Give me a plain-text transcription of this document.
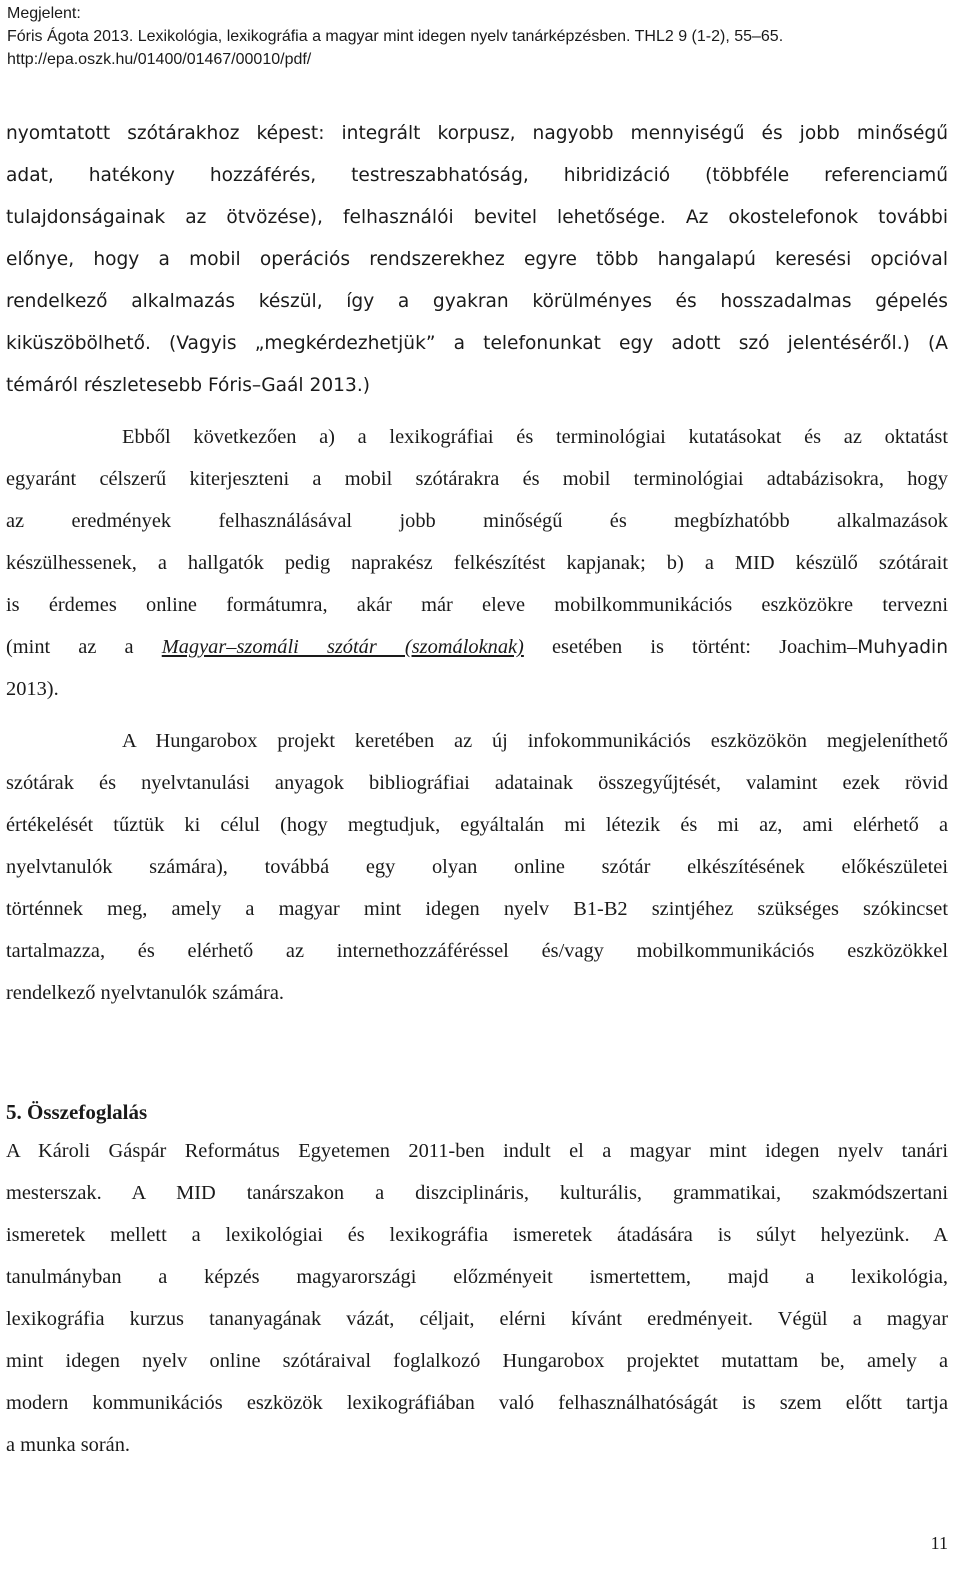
Megjelent:
Fóris Ágota 2013. Lexikológia, lexikográfia a magyar mint idegen nyelv tanárképzésben. THL2 9 (1-2), 55–65.
http://epa.oszk.hu/01400/01467/00010/pdf/
nyomtatott szótárakhoz képest: integrált korpusz, nagyobb mennyiségű és jobb minőségű
adat, hatékony hozzáférés, testreszabhatóság, hibridizáció (többféle referenciamű
tulajdonságainak az ötvözése), felhasználói bevitel lehetősége. Az okostelefonok további
előnye, hogy a mobil operációs rendszerekhez egyre több hangalapú keresési opcióval
rendelkező alkalmazás készül, így a gyakran körülményes és hosszadalmas gépelés
kiküszöbölhető. (Vagyis „megkérdezhetjük” a telefonunkat egy adott szó jelentéséről.) (A
témáról részletesebb Fóris–Gaál 2013.)
Ebből következően a) a lexikográfiai és terminológiai kutatásokat és az oktatást
egyaránt célszerű kiterjeszteni a mobil szótárakra és mobil terminológiai adtabázisokra, hogy
az eredmények felhasználásával jobb minőségű és megbízhatóbb alkalmazások
készülhessenek, a hallgatók pedig naprakész felkészítést kapjanak; b) a MID készülő szótárait
is érdemes online formátumra, akár már eleve mobilkommunikációs eszközökre tervezni
(mint az a Magyar–szomáli szótár (szomáloknak) esetében is történt: Joachim–Muhyadin
2013).
A Hungarobox projekt keretében az új infokommunikációs eszközökön megjeleníthető
szótárak és nyelvtanulási anyagok bibliográfiai adatainak összegyűjtését, valamint ezek rövid
értékelését tűztük ki célul (hogy megtudjuk, egyáltalán mi létezik és mi az, ami elérhető a
nyelvtanulók számára), továbbá egy olyan online szótár elkészítésének előkészületei
történnek meg, amely a magyar mint idegen nyelv B1-B2 szintjéhez szükséges szókincset
tartalmazza, és elérhető az internethozzáféréssel és/vagy mobilkommunikációs eszközökkel
rendelkező nyelvtanulók számára.
5. Összefoglalás
A Károli Gáspár Református Egyetemen 2011-ben indult el a magyar mint idegen nyelv tanári
mesterszak. A MID tanárszakon a diszciplináris, kulturális, grammatikai, szakmódszertani
ismeretek mellett a lexikológiai és lexikográfia ismeretek átadására is súlyt helyezünk. A
tanulmányban a képzés magyarországi előzményeit ismertettem, majd a lexikológia,
lexikográfia kurzus tananyagának vázát, céljait, elérni kívánt eredményeit. Végül a magyar
mint idegen nyelv online szótáraival foglalkozó Hungarobox projektet mutattam be, amely a
modern kommunikációs eszközök lexikográfiában való felhasználhatóságát is szem előtt tartja
a munka során.
11
